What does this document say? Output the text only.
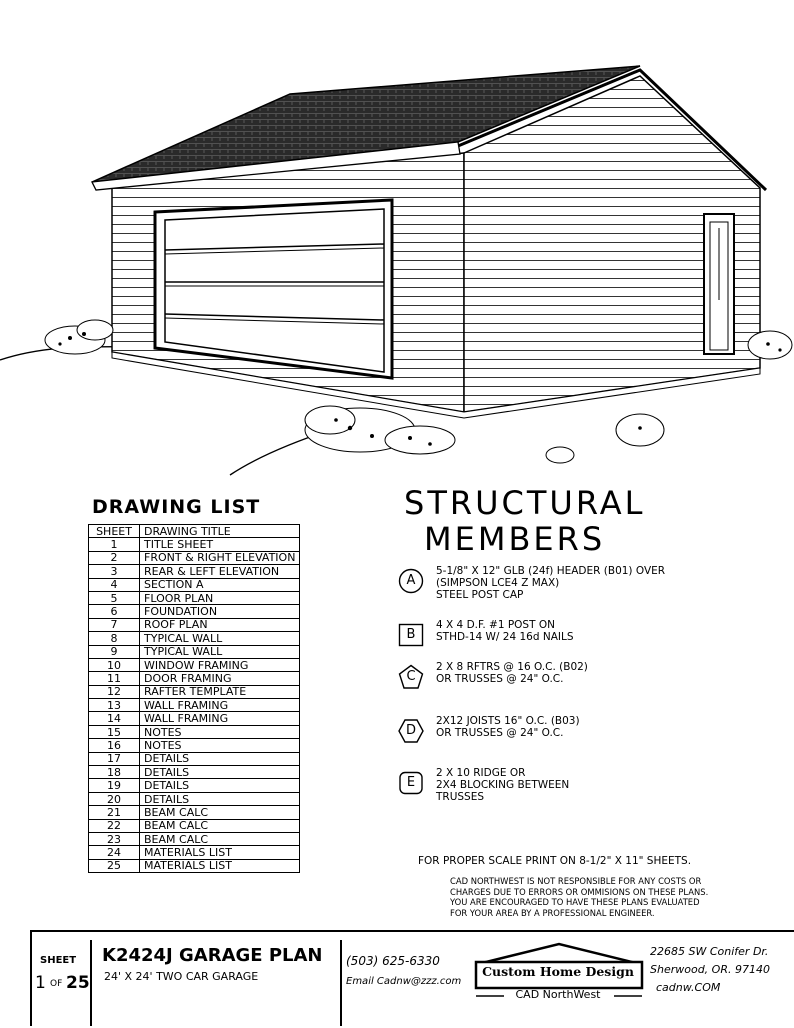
DRAWING LIST
SHEET	DRAWING TITLE
1	TITLE SHEET
2	FRONT & RIGHT ELEVATION
3	REAR & LEFT ELEVATION
4	SECTION A
5	FLOOR PLAN
6	FOUNDATION
7	ROOF PLAN
8	TYPICAL WALL
9	TYPICAL WALL
10	WINDOW FRAMING
11	DOOR FRAMING
12	RAFTER TEMPLATE
13	WALL FRAMING
14	WALL FRAMING
15	NOTES
16	NOTES
17	DETAILS
18	DETAILS
19	DETAILS
20	DETAILS
21	BEAM CALC
22	BEAM CALC
23	BEAM CALC
24	MATERIALS LIST
25	MATERIALS LIST
STRUCTURAL
MEMBERS
A
5-1/8" X 12" GLB (24f) HEADER (B01) OVER
(SIMPSON LCE4 Z MAX)
STEEL POST CAP
B
4 X 4 D.F. #1 POST ON
STHD-14 W/ 24 16d NAILS
C
2 X 8 RFTRS @ 16 O.C. (B02)
OR TRUSSES @ 24" O.C.
D
2X12 JOISTS 16" O.C. (B03)
OR TRUSSES @ 24" O.C.
E
2 X 10 RIDGE OR
2X4 BLOCKING BETWEEN
TRUSSES

FOR PROPER SCALE PRINT ON 8-1/2" X 11" SHEETS.

CAD NORTHWEST IS NOT RESPONSIBLE FOR ANY COSTS OR
CHARGES DUE TO ERRORS OR OMMISIONS ON THESE PLANS.
YOU ARE ENCOURAGED TO HAVE THESE PLANS EVALUATED
FOR YOUR AREA BY A PROFESSIONAL ENGINEER.
SHEET
1 OF 25
K2424J GARAGE PLAN
24' X 24' TWO CAR GARAGE
(503) 625-6330
Email Cadnw@zzz.com
Custom Home Design
CAD NorthWest
22685 SW Conifer Dr.
Sherwood, OR. 97140
cadnw.COM
